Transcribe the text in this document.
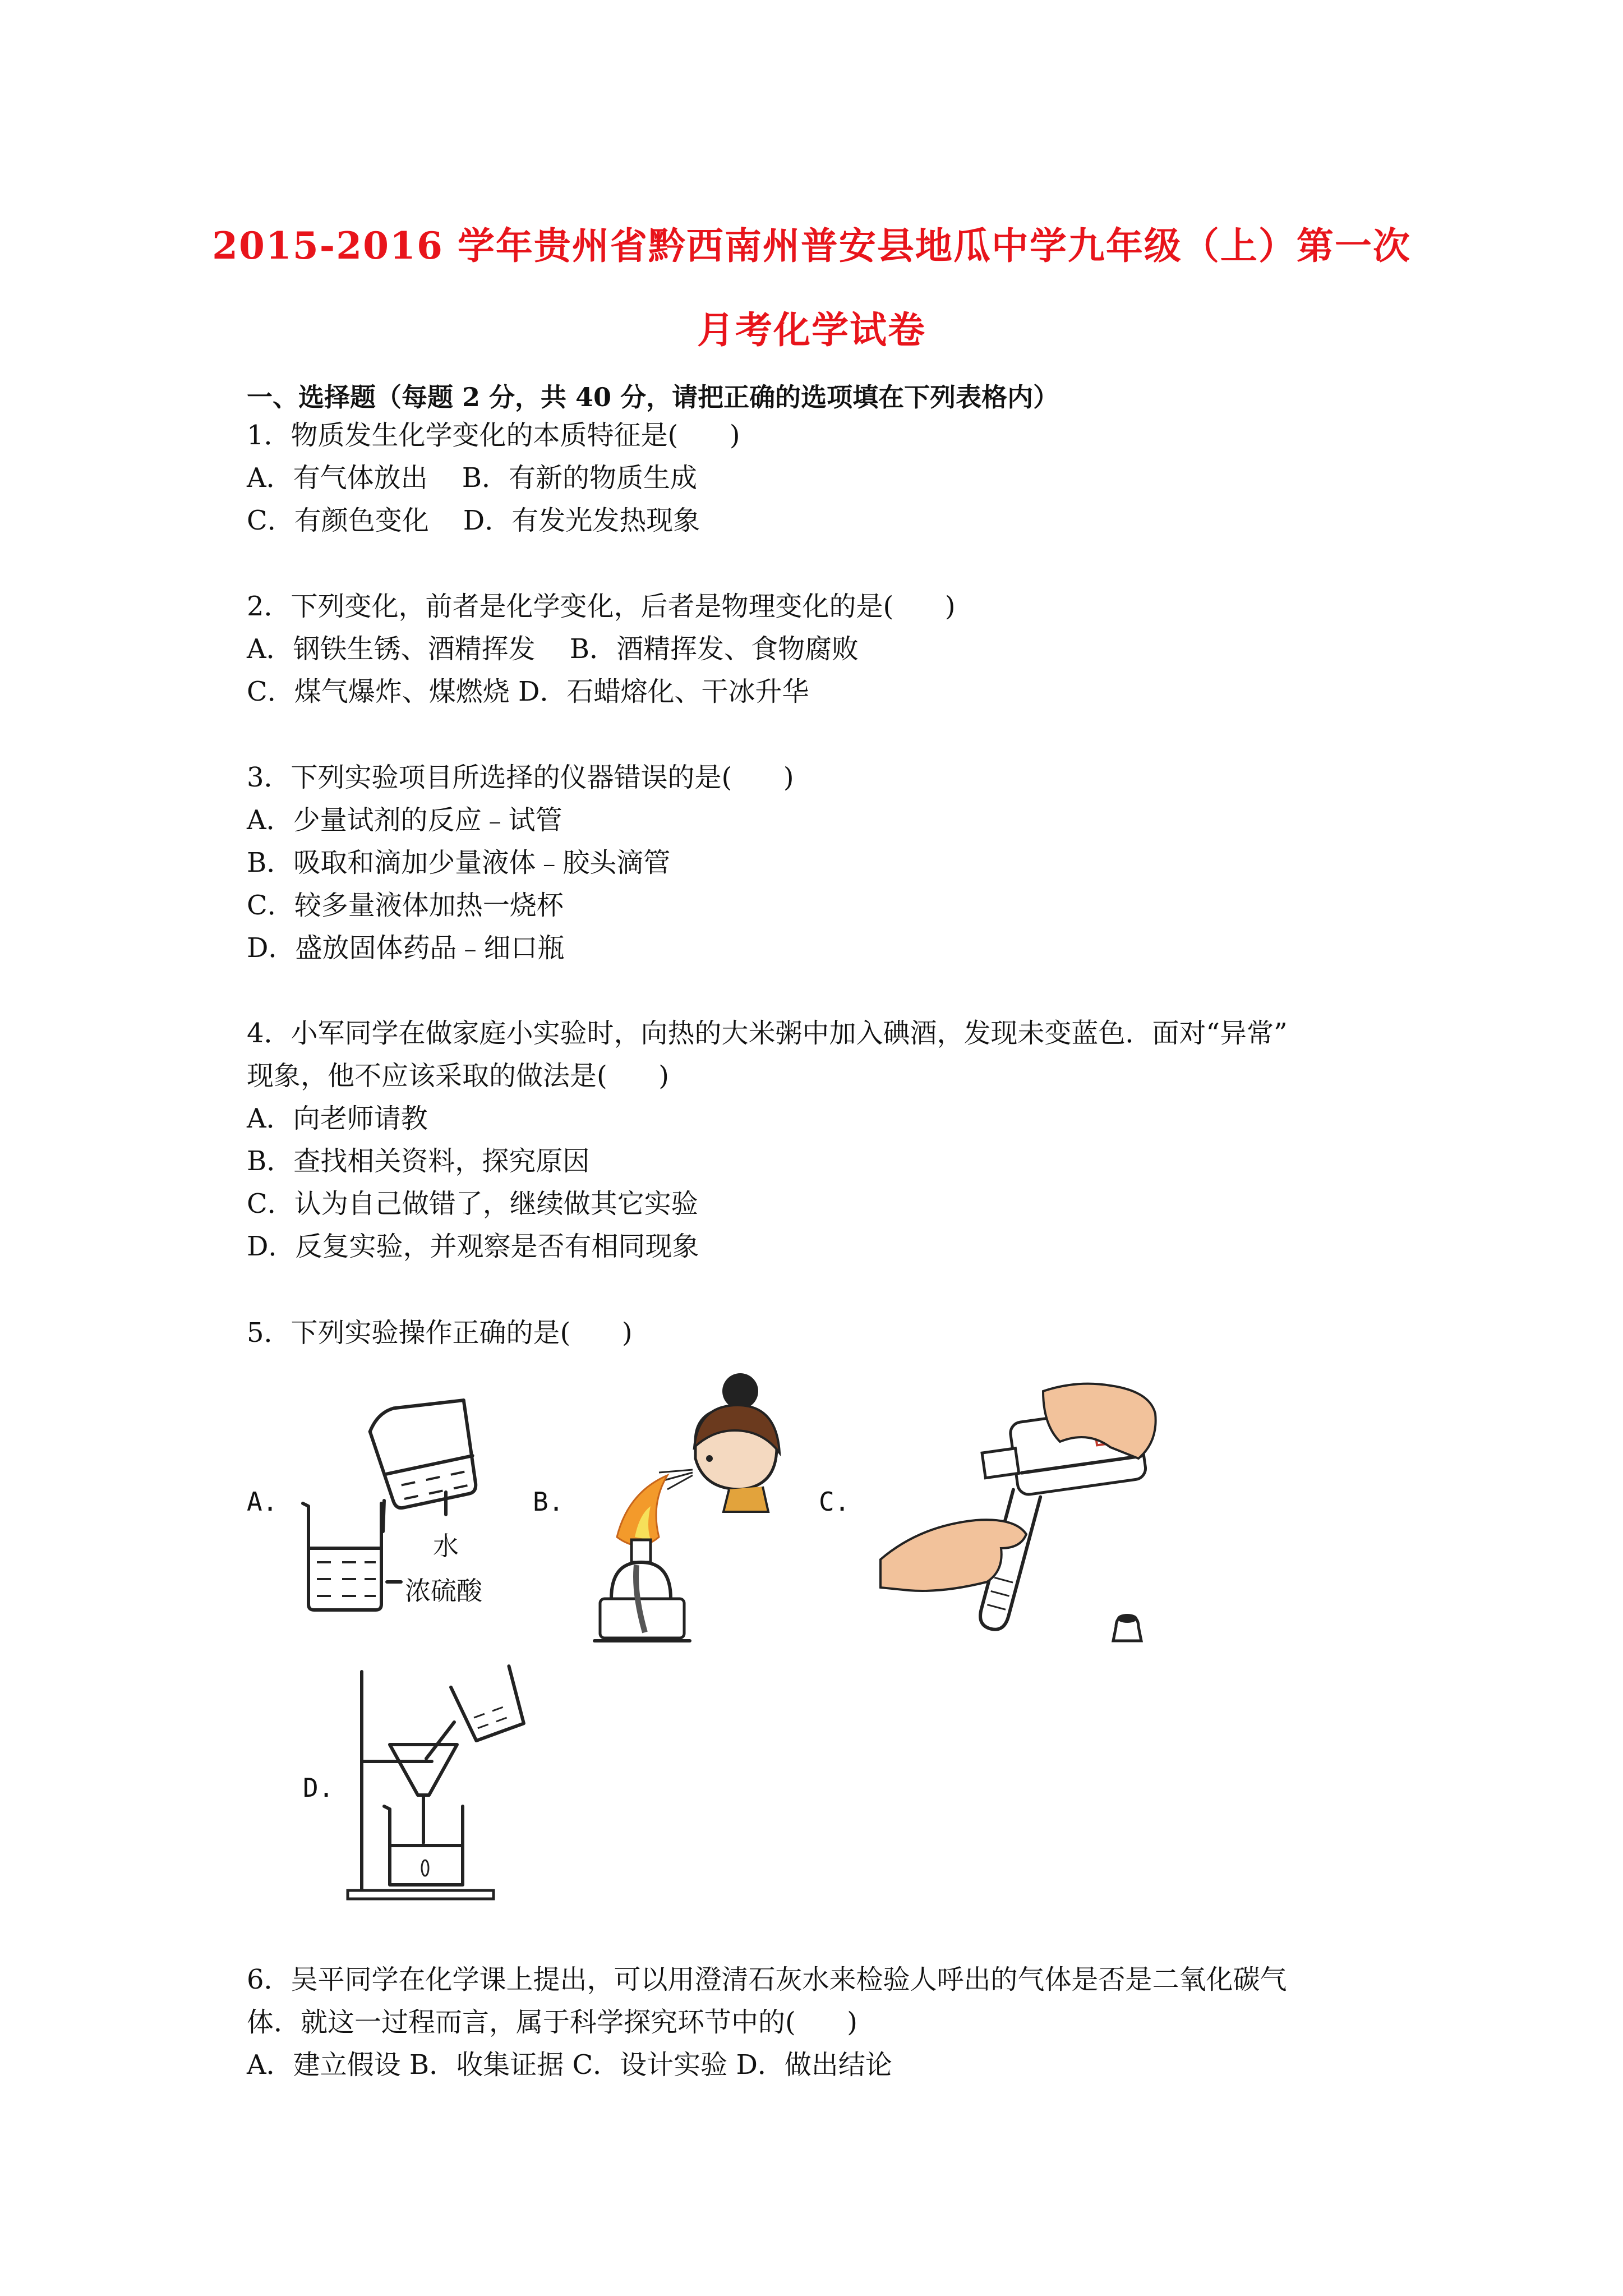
2015-2016 学年贵州省黔西南州普安县地瓜中学九年级（上）第一次
月考化学试卷
一、选择题（每题 2 分，共 40 分，请把正确的选项填在下列表格内）
1．物质发生化学变化的本质特征是(      )
A．有气体放出    B．有新的物质生成
C．有颜色变化    D．有发光发热现象
2．下列变化，前者是化学变化，后者是物理变化的是(      )
A．钢铁生锈、酒精挥发    B．酒精挥发、食物腐败
C．煤气爆炸、煤燃烧 D．石蜡熔化、干冰升华
3．下列实验项目所选择的仪器错误的是(      )
A．少量试剂的反应﹣试管
B．吸取和滴加少量液体﹣胶头滴管
C．较多量液体加热一烧杯
D．盛放固体药品﹣细口瓶
4．小军同学在做家庭小实验时，向热的大米粥中加入碘酒，发现未变蓝色．面对“异常”
现象，他不应该采取的做法是(      )
A．向老师请教
B．查找相关资料，探究原因
C．认为自己做错了，继续做其它实验
D．反复实验，并观察是否有相同现象
5．下列实验操作正确的是(      )
A.	B.	C.
D.
水
浓硫酸
6．吴平同学在化学课上提出，可以用澄清石灰水来检验人呼出的气体是否是二氧化碳气
体．就这一过程而言，属于科学探究环节中的(      )
A．建立假设 B．收集证据 C．设计实验 D．做出结论
